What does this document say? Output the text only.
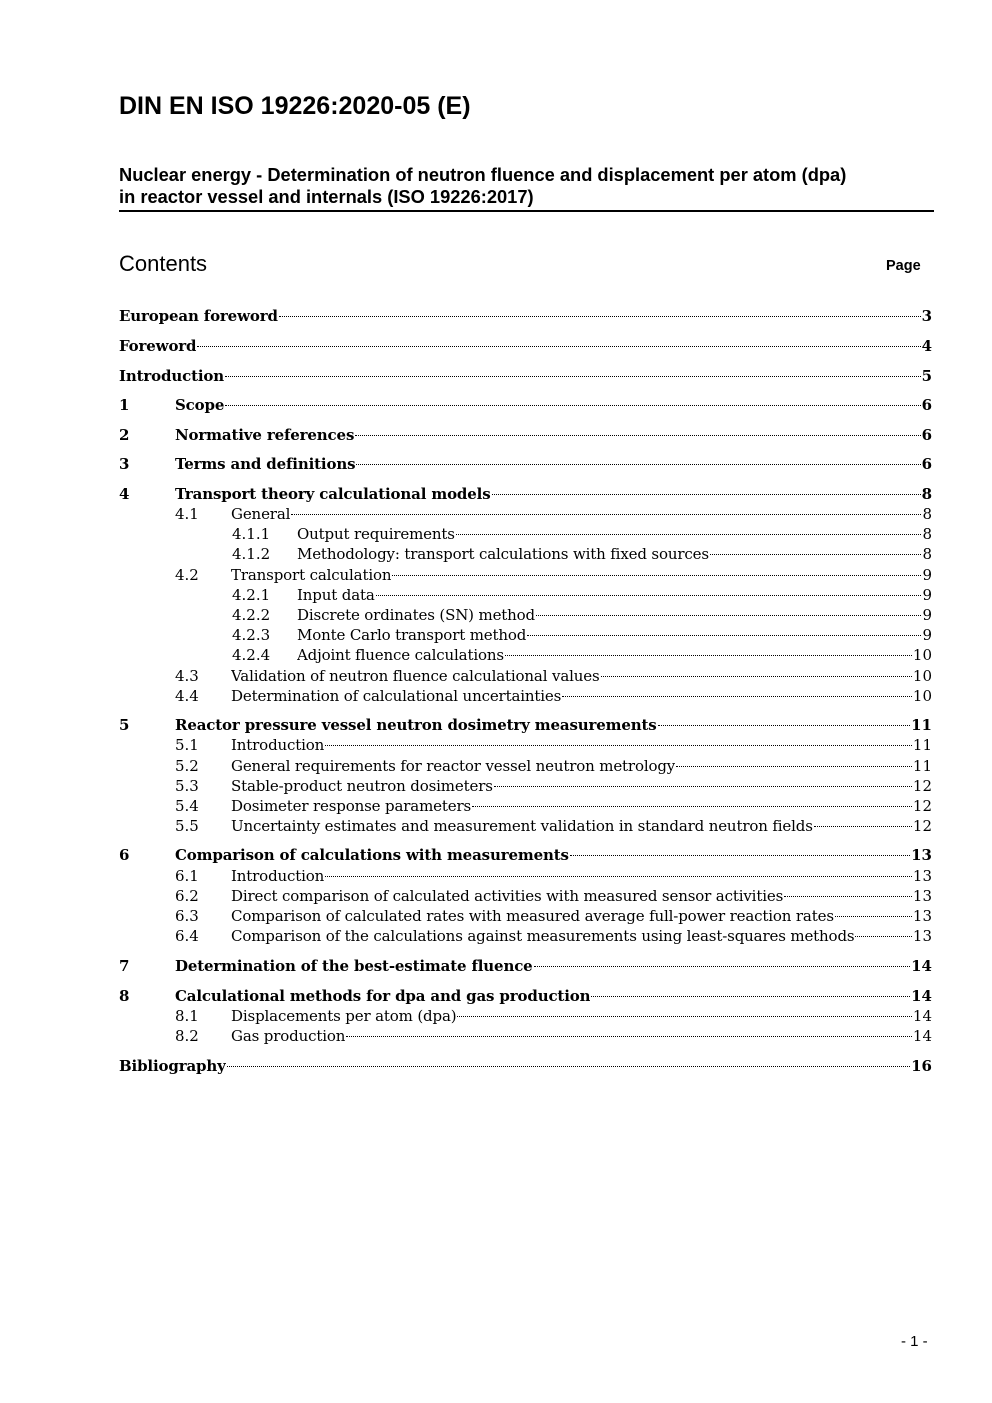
DIN EN ISO 19226:2020-05 (E)
Nuclear energy - Determination of neutron fluence and displacement per atom (dpa)
in reactor vessel and internals (ISO 19226:2017)
Contents	Page
European foreword	3
Foreword	4
Introduction	5
1	Scope	6
2	Normative references	6
3	Terms and definitions	6
4	Transport theory calculational models	8
4.1	General	8
4.1.1	Output requirements	8
4.1.2	Methodology: transport calculations with fixed sources	8
4.2	Transport calculation	9
4.2.1	Input data	9
4.2.2	Discrete ordinates (SN) method	9
4.2.3	Monte Carlo transport method	9
4.2.4	Adjoint fluence calculations	10
4.3	Validation of neutron fluence calculational values	10
4.4	Determination of calculational uncertainties	10
5	Reactor pressure vessel neutron dosimetry measurements	11
5.1	Introduction	11
5.2	General requirements for reactor vessel neutron metrology	11
5.3	Stable-product neutron dosimeters	12
5.4	Dosimeter response parameters	12
5.5	Uncertainty estimates and measurement validation in standard neutron fields	12
6	Comparison of calculations with measurements	13
6.1	Introduction	13
6.2	Direct comparison of calculated activities with measured sensor activities	13
6.3	Comparison of calculated rates with measured average full-power reaction rates	13
6.4	Comparison of the calculations against measurements using least-squares methods	13
7	Determination of the best-estimate fluence	14
8	Calculational methods for dpa and gas production	14
8.1	Displacements per atom (dpa)	14
8.2	Gas production	14
Bibliography	16
- 1 -
